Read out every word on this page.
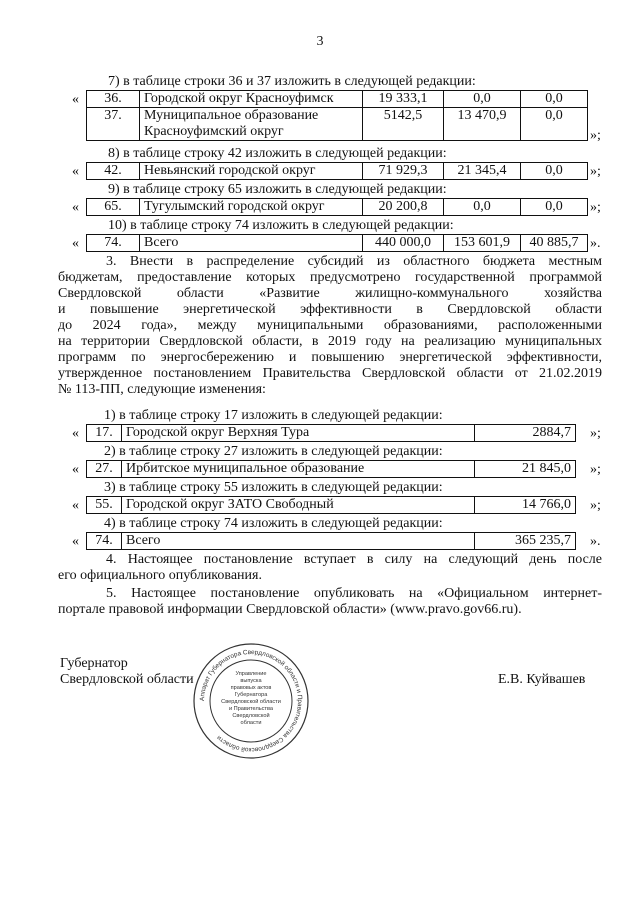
3
7) в таблице строки 36 и 37 изложить в следующей редакции:
« 36.	Городской округ Красноуфимск	19 333,1	0,0	0,0
37.	Муниципальное образование
Красноуфимский округ	5142,5	13 470,9	0,0
»;
8) в таблице строку 42 изложить в следующей редакции:
« 42.	Невьянский городской округ	71 929,3	21 345,4	0,0 »;
9) в таблице строку 65 изложить в следующей редакции:
« 65.	Тугулымский городской округ	20 200,8	0,0	0,0 »;
10) в таблице строку 74 изложить в следующей редакции:
« 74.	Всего	440 000,0	153 601,9	40 885,7 ».
3. Внести в распределение субсидий из областного бюджета местным
бюджетам, предоставление которых предусмотрено государственной программой
Свердловской области «Развитие жилищно-коммунального хозяйства
и повышение энергетической эффективности в Свердловской области
до 2024 года», между муниципальными образованиями, расположенными
на территории Свердловской области, в 2019 году на реализацию муниципальных
программ по энергосбережению и повышению энергетической эффективности,
утвержденное постановлением Правительства Свердловской области от 21.02.2019
№ 113-ПП, следующие изменения:
1) в таблице строку 17 изложить в следующей редакции:
« 17.	Городской округ Верхняя Тура	2884,7 »;
2) в таблице строку 27 изложить в следующей редакции:
« 27.	Ирбитское муниципальное образование	21 845,0 »;
3) в таблице строку 55 изложить в следующей редакции:
« 55.	Городской округ ЗАТО Свободный	14 766,0 »;
4) в таблице строку 74 изложить в следующей редакции:
« 74.	Всего	365 235,7 ».
4. Настоящее постановление вступает в силу на следующий день после
его официального опубликования.
5. Настоящее постановление опубликовать на «Официальном интернет-
портале правовой информации Свердловской области» (www.pravo.gov66.ru).
Губернатор
Свердловской области	Е.В. Куйвашев
Аппарат Губернатора Свердловской области и Правительства Свердловской области
Управление
выпуска
правовых актов
Губернатора
Свердловской области
и Правительства
Свердловской
области
